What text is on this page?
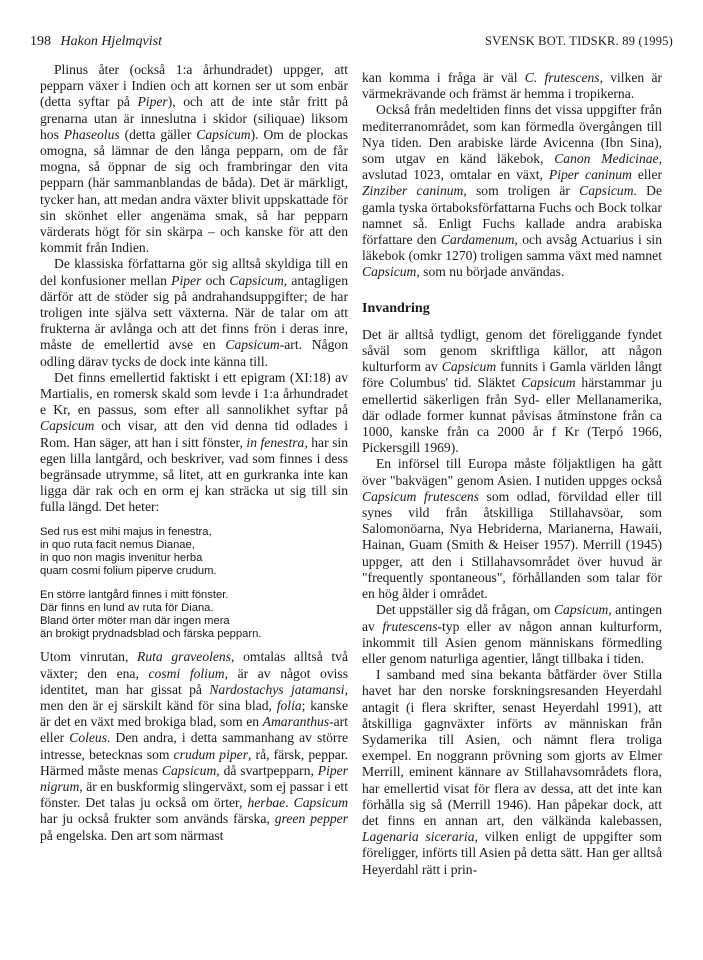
198 Hakon Hjelmqvist	SVENSK BOT. TIDSKR. 89 (1995)

Plinus åter (också 1:a århundradet) uppger, att pepparn växer i Indien och att kornen ser ut som enbär (detta syftar på Piper), och att de inte står fritt på grenarna utan är inneslutna i skidor (siliquae) liksom hos Phaseolus (detta gäller Capsicum). Om de plockas omogna, så lämnar de den långa pepparn, om de får mogna, så öppnar de sig och frambringar den vita pepparn (här sammanblandas de båda). Det är märkligt, tycker han, att medan andra växter blivit uppskattade för sin skönhet eller angenäma smak, så har pepparn värderats högt för sin skärpa – och kanske för att den kommit från Indien.

De klassiska författarna gör sig alltså skyldiga till en del konfusioner mellan Piper och Capsicum, antagligen därför att de stöder sig på andrahandsuppgifter; de har troligen inte själva sett växterna. När de talar om att frukterna är avlånga och att det finns frön i deras inre, måste de emellertid avse en Capsicum-art. Någon odling därav tycks de dock inte känna till.

Det finns emellertid faktiskt i ett epigram (XI:18) av Martialis, en romersk skald som levde i 1:a århundradet e Kr, en passus, som efter all sannolikhet syftar på Capsicum och visar, att den vid denna tid odlades i Rom. Han säger, att han i sitt fönster, in fenestra, har sin egen lilla lantgård, och beskriver, vad som finnes i dess begränsade utrymme, så litet, att en gurkranka inte kan ligga där rak och en orm ej kan sträcka ut sig till sin fulla längd. Det heter:

Sed rus est mihi majus in fenestra,
in quo ruta facit nemus Dianae,
in quo non magis invenitur herba
quam cosmi folium piperve crudum.
En större lantgård finnes i mitt fönster.
Där finns en lund av ruta för Diana.
Bland örter möter man där ingen mera
än brokigt prydnadsblad och färska pepparn.

Utom vinrutan, Ruta graveolens, omtalas alltså två växter; den ena, cosmi folium, är av något oviss identitet, man har gissat på Nardostachys jatamansi, men den är ej särskilt känd för sina blad, folia; kanske är det en växt med brokiga blad, som en Amaranthus-art eller Coleus. Den andra, i detta sammanhang av större intresse, betecknas som crudum piper, rå, färsk, peppar. Härmed måste menas Capsicum, då svartpepparn, Piper nigrum, är en buskformig slingerväxt, som ej passar i ett fönster. Det talas ju också om örter, herbae. Capsicum har ju också frukter som används färska, green pepper på engelska. Den art som närmast

kan komma i fråga är väl C. frutescens, vilken är värmekrävande och främst är hemma i tropikerna.

Också från medeltiden finns det vissa uppgifter från mediterranområdet, som kan förmedla övergången till Nya tiden. Den arabiske lärde Avicenna (Ibn Sina), som utgav en känd läkebok, Canon Medicinae, avslutad 1023, omtalar en växt, Piper caninum eller Zinziber caninum, som troligen är Capsicum. De gamla tyska örtaboksförfattarna Fuchs och Bock tolkar namnet så. Enligt Fuchs kallade andra arabiska författare den Cardamenum, och avsåg Actuarius i sin läkebok (omkr 1270) troligen samma växt med namnet Capsicum, som nu började användas.

Invandring

Det är alltså tydligt, genom det föreliggande fyndet såväl som genom skriftliga källor, att någon kulturform av Capsicum funnits i Gamla världen långt före Columbus' tid. Släktet Capsicum härstammar ju emellertid säkerligen från Syd- eller Mellanamerika, där odlade former kunnat påvisas åtminstone från ca 1000, kanske från ca 2000 år f Kr (Terpó 1966, Pickersgill 1969).

En införsel till Europa måste följaktligen ha gått över "bakvägen" genom Asien. I nutiden uppges också Capsicum frutescens som odlad, förvildad eller till synes vild från åtskilliga Stillahavsöar, som Salomonöarna, Nya Hebriderna, Marianerna, Hawaii, Hainan, Guam (Smith & Heiser 1957). Merrill (1945) uppger, att den i Stillahavsområdet över huvud är "frequently spontaneous", förhållanden som talar för en hög ålder i området.

Det uppställer sig då frågan, om Capsicum, antingen av frutescens-typ eller av någon annan kulturform, inkommit till Asien genom människans förmedling eller genom naturliga agentier, långt tillbaka i tiden.

I samband med sina bekanta båtfärder över Stilla havet har den norske forskningsresanden Heyerdahl antagit (i flera skrifter, senast Heyerdahl 1991), att åtskilliga gagnväxter införts av människan från Sydamerika till Asien, och nämnt flera troliga exempel. En noggrann prövning som gjorts av Elmer Merrill, eminent kännare av Stillahavsområdets flora, har emellertid visat för flera av dessa, att det inte kan förhålla sig så (Merrill 1946). Han påpekar dock, att det finns en annan art, den välkända kalebassen, Lagenaria siceraria, vilken enligt de uppgifter som föreligger, införts till Asien på detta sätt. Han ger alltså Heyerdahl rätt i prin-
